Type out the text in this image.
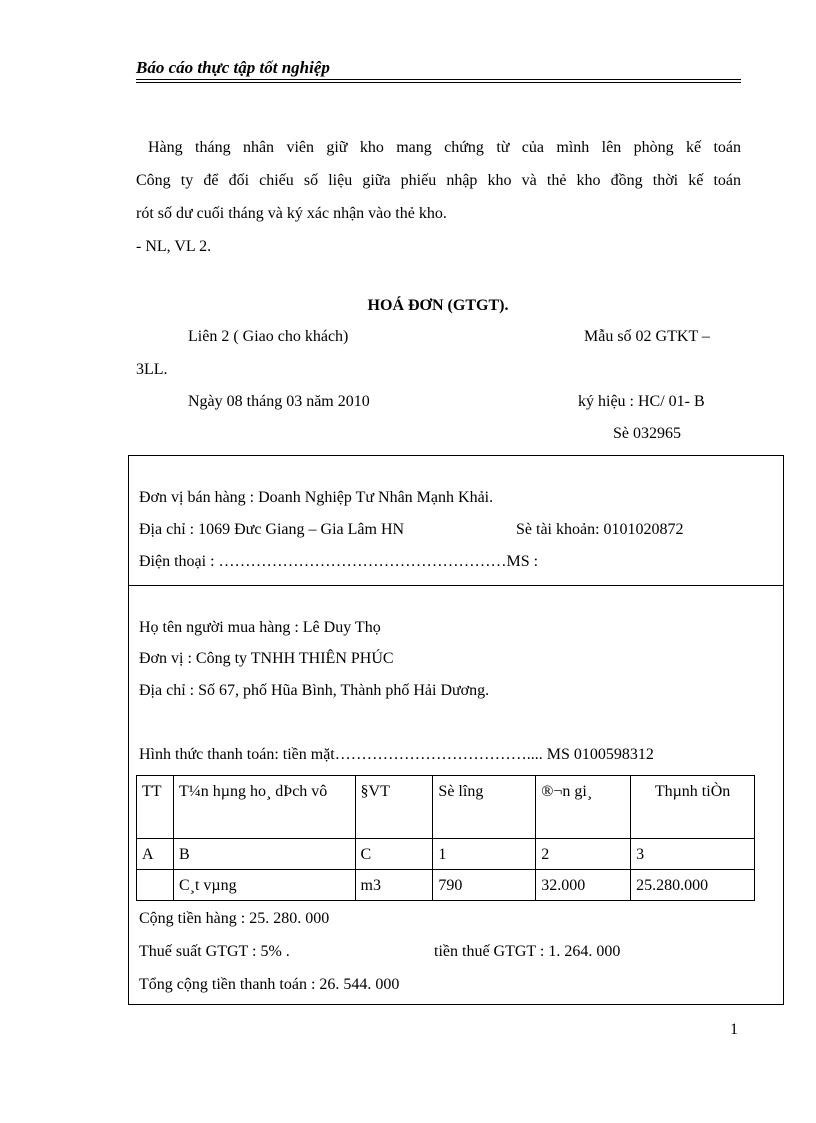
Báo cáo thực tập tốt nghiệp
Hàng tháng nhân viên giữ kho mang chứng từ của mình lên phòng kế toán
Công ty để đối chiếu số liệu giữa phiếu nhập kho và thẻ kho đồng thời kế toán
rót số dư cuối tháng và ký xác nhận vào thẻ kho.
- NL, VL 2.
HOÁ ĐƠN (GTGT).
Liên 2 ( Giao cho khách)	Mẫu số 02 GTKT –
3LL.
Ngày 08 tháng 03 năm 2010	ký hiệu : HC/ 01- B
Sè 032965
Đơn vị bán hàng : Doanh Nghiệp Tư Nhân Mạnh Khải.
Địa chỉ : 1069 Đưc Giang – Gia Lâm HN	Sè tài khoản: 0101020872
Điện thoại : ………………………………………………MS :
Họ tên người mua hàng : Lê Duy Thọ
Đơn vị : Công ty TNHH THIÊN PHÚC
Địa chỉ : Số 67, phố Hũa Bình, Thành phố Hải Dương.
Hình thức thanh toán: tiền mặt……………………………….... MS 0100598312
TT	T¼n hµng ho¸ dÞch vô	§VT	Sè lîng	®¬n gi¸	Thµnh tiÒn
A	B	C	1	2	3
	C¸t vµng	m3	790	32.000	25.280.000
Cộng tiền hàng : 25. 280. 000
Thuế suất GTGT : 5% .	tiền thuế GTGT : 1. 264. 000
Tổng cộng tiền thanh toán : 26. 544. 000
1
